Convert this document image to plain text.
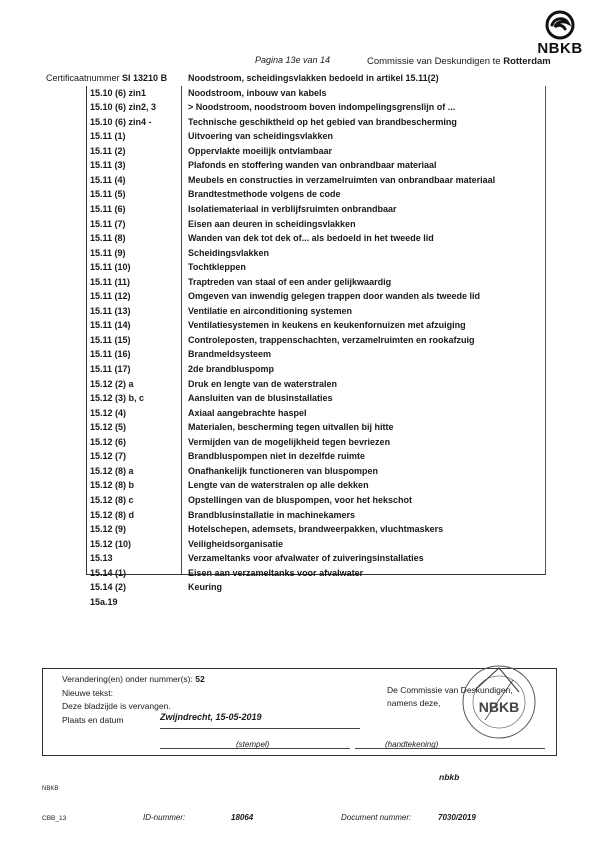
NBKB
Pagina 13e van 14	Commissie van Deskundigen te Rotterdam
Certificaatnummer SI 13210 B Noodstroom, scheidingsvlakken bedoeld in artikel 15.11(2)
15.10 (6) zin1	Noodstroom, inbouw van kabels
15.10 (6) zin2, 3	> Noodstroom, noodstroom boven indompelingsgrenslijn of ...
15.10 (6) zin4 -	Technische geschiktheid op het gebied van brandbescherming
15.11 (1)	Uitvoering van scheidingsvlakken
15.11 (2)	Oppervlakte moeilijk ontvlambaar
15.11 (3)	Plafonds en stoffering wanden van onbrandbaar materiaal
15.11 (4)	Meubels en constructies in verzamelruimten van onbrandbaar materiaal
15.11 (5)	Brandtestmethode volgens de code
15.11 (6)	Isolatiemateriaal in verblijfsruimten onbrandbaar
15.11 (7)	Eisen aan deuren in scheidingsvlakken
15.11 (8)	Wanden van dek tot dek of... als bedoeld in het tweede lid
15.11 (9)	Scheidingsvlakken
15.11 (10)	Tochtkleppen
15.11 (11)	Traptreden van staal of een ander gelijkwaardig
15.11 (12)	Omgeven van inwendig gelegen trappen door wanden als tweede lid
15.11 (13)	Ventilatie en airconditioning systemen
15.11 (14)	Ventilatiesystemen in keukens en keukenfornuizen met afzuiging
15.11 (15)	Controleposten, trappenschachten, verzamelruimten en rookafzuig
15.11 (16)	Brandmeldsysteem
15.11 (17)	2de brandbluspomp
15.12 (2) a	Druk en lengte van de waterstralen
15.12 (3) b, c	Aansluiten van de blusinstallaties
15.12 (4)	Axiaal aangebrachte haspel
15.12 (5)	Materialen, bescherming tegen uitvallen bij hitte
15.12 (6)	Vermijden van de mogelijkheid tegen bevriezen
15.12 (7)	Brandbluspompen niet in dezelfde ruimte
15.12 (8) a	Onafhankelijk functioneren van bluspompen
15.12 (8) b	Lengte van de waterstralen op alle dekken
15.12 (8) c	Opstellingen van de bluspompen, voor het hekschot
15.12 (8) d	Brandblusinstallatie in machinekamers
15.12 (9)	Hotelschepen, ademsets, brandweerpakken, vluchtmaskers
15.12 (10)	Veiligheidsorganisatie
15.13	Verzameltanks voor afvalwater of zuiveringsinstallaties
15.14 (1)	Eisen aan verzameltanks voor afvalwater
15.14 (2)	Keuring
15a.19
Verandering(en) onder nummer(s): 52
Nieuwe tekst:
Deze bladzijde is vervangen.
Plaats en datum	Zwijndrecht, 15-05-2019
De Commissie van Deskundigen,
namens deze,
(stempel)	(handtekening)
NBKB
nbkb
NBKB
CBB_13	ID-nummer:	18064	Document nummer:	7030/2019
